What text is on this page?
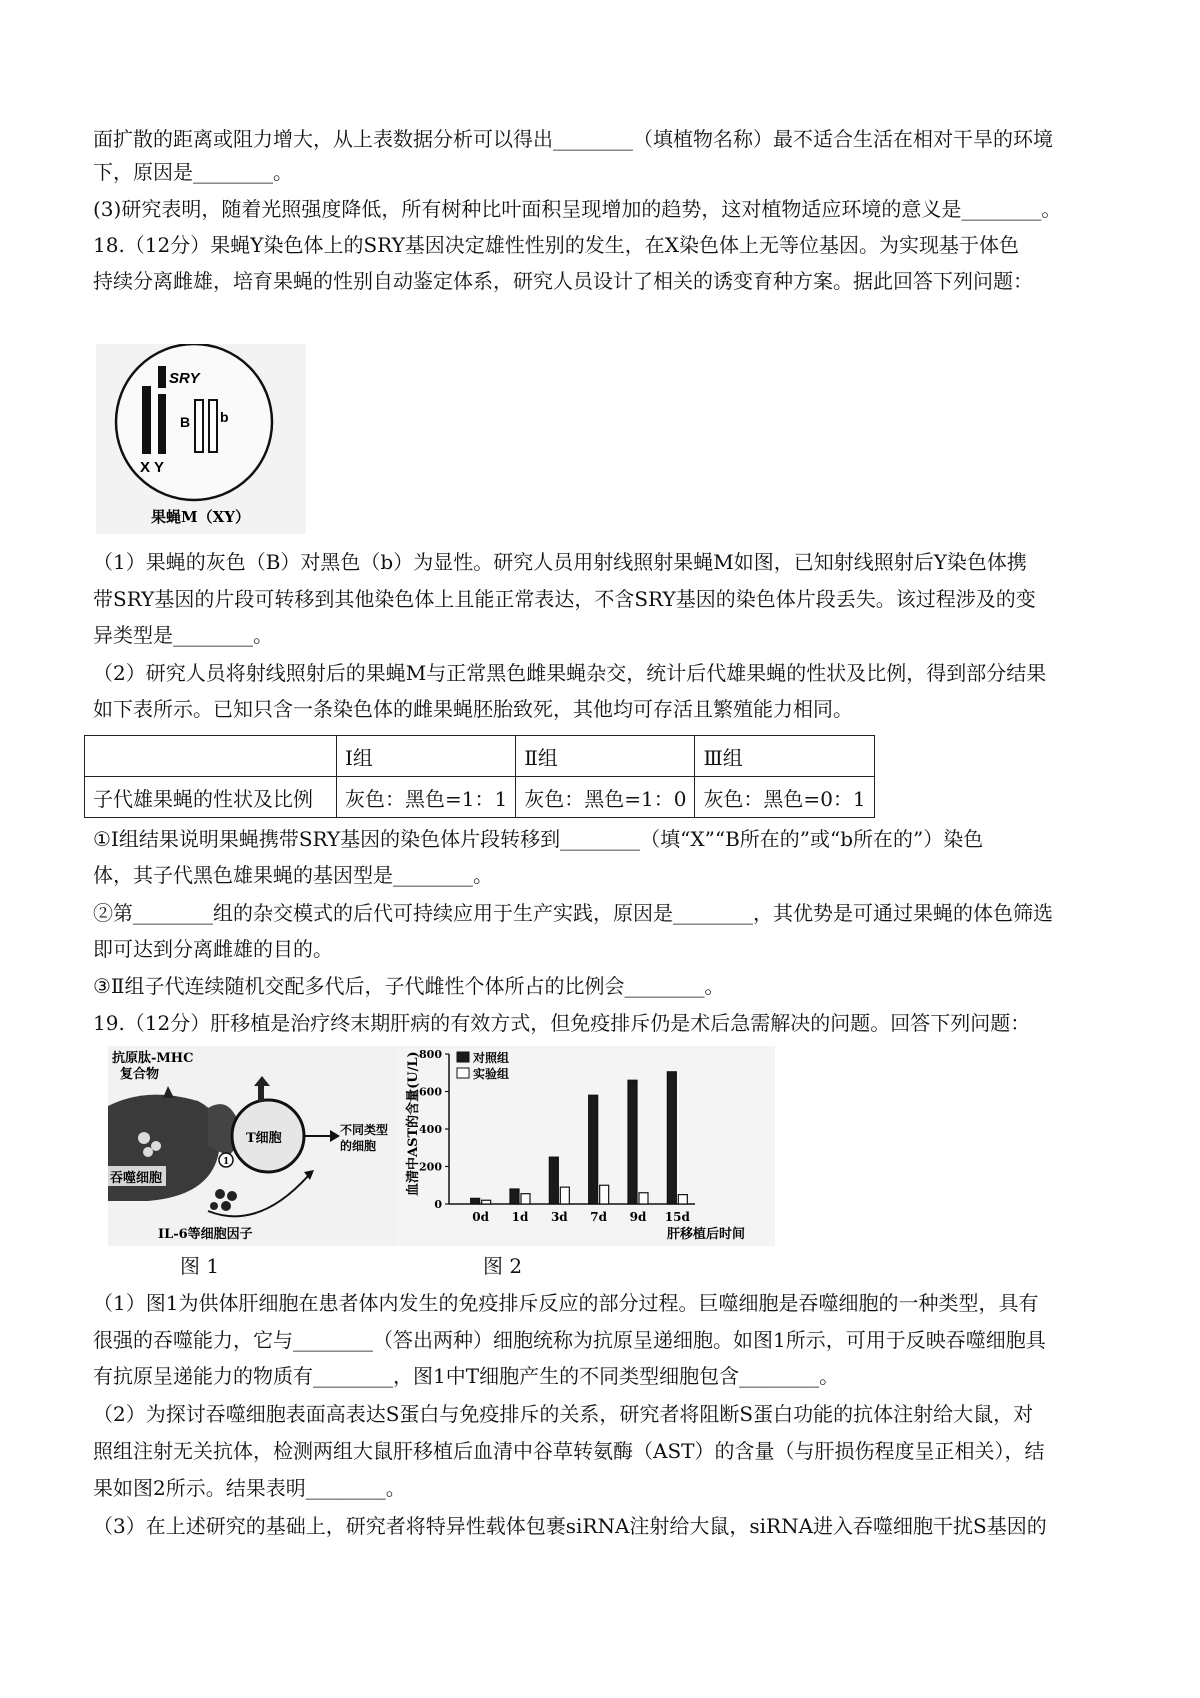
面扩散的距离或阻力增大，从上表数据分析可以得出________（填植物名称）最不适合生活在相对干旱的环境
下，原因是________。
(3)研究表明，随着光照强度降低，所有树种比叶面积呈现增加的趋势，这对植物适应环境的意义是________。
18.（12分）果蝇Y染色体上的SRY基因决定雄性性别的发生，在X染色体上无等位基因。为实现基于体色
持续分离雌雄，培育果蝇的性别自动鉴定体系，研究人员设计了相关的诱变育种方案。据此回答下列问题：
SRY
X Y
B b
果蝇M（XY）
（1）果蝇的灰色（B）对黑色（b）为显性。研究人员用射线照射果蝇M如图，已知射线照射后Y染色体携
带SRY基因的片段可转移到其他染色体上且能正常表达，不含SRY基因的染色体片段丢失。该过程涉及的变
异类型是________。
（2）研究人员将射线照射后的果蝇M与正常黑色雌果蝇杂交，统计后代雄果蝇的性状及比例，得到部分结果
如下表所示。已知只含一条染色体的雌果蝇胚胎致死，其他均可存活且繁殖能力相同。
	Ⅰ组	Ⅱ组	Ⅲ组
子代雄果蝇的性状及比例	灰色：黑色=1：1	灰色：黑色=1：0	灰色：黑色=0：1
①Ⅰ组结果说明果蝇携带SRY基因的染色体片段转移到________（填“X”“B所在的”或“b所在的”）染色
体，其子代黑色雄果蝇的基因型是________。
②第________组的杂交模式的后代可持续应用于生产实践，原因是________，其优势是可通过果蝇的体色筛选
即可达到分离雌雄的目的。
③Ⅱ组子代连续随机交配多代后，子代雌性个体所占的比例会________。
19.（12分）肝移植是治疗终末期肝病的有效方式，但免疫排斥仍是术后急需解决的问题。回答下列问题：
抗原肽-MHC
复合物
吞噬细胞
T细胞
1
不同类型
的细胞
IL-6等细胞因子
血清中AST的含量(U/L)
0
200
400
600
800
0d 1d 3d 7d 9d 15d
对照组
实验组
肝移植后时间
图 1	图 2
（1）图1为供体肝细胞在患者体内发生的免疫排斥反应的部分过程。巨噬细胞是吞噬细胞的一种类型，具有
很强的吞噬能力，它与________（答出两种）细胞统称为抗原呈递细胞。如图1所示，可用于反映吞噬细胞具
有抗原呈递能力的物质有________，图1中T细胞产生的不同类型细胞包含________。
（2）为探讨吞噬细胞表面高表达S蛋白与免疫排斥的关系，研究者将阻断S蛋白功能的抗体注射给大鼠，对
照组注射无关抗体，检测两组大鼠肝移植后血清中谷草转氨酶（AST）的含量（与肝损伤程度呈正相关），结
果如图2所示。结果表明________。
（3）在上述研究的基础上，研究者将特异性载体包裹siRNA注射给大鼠，siRNA进入吞噬细胞干扰S基因的
